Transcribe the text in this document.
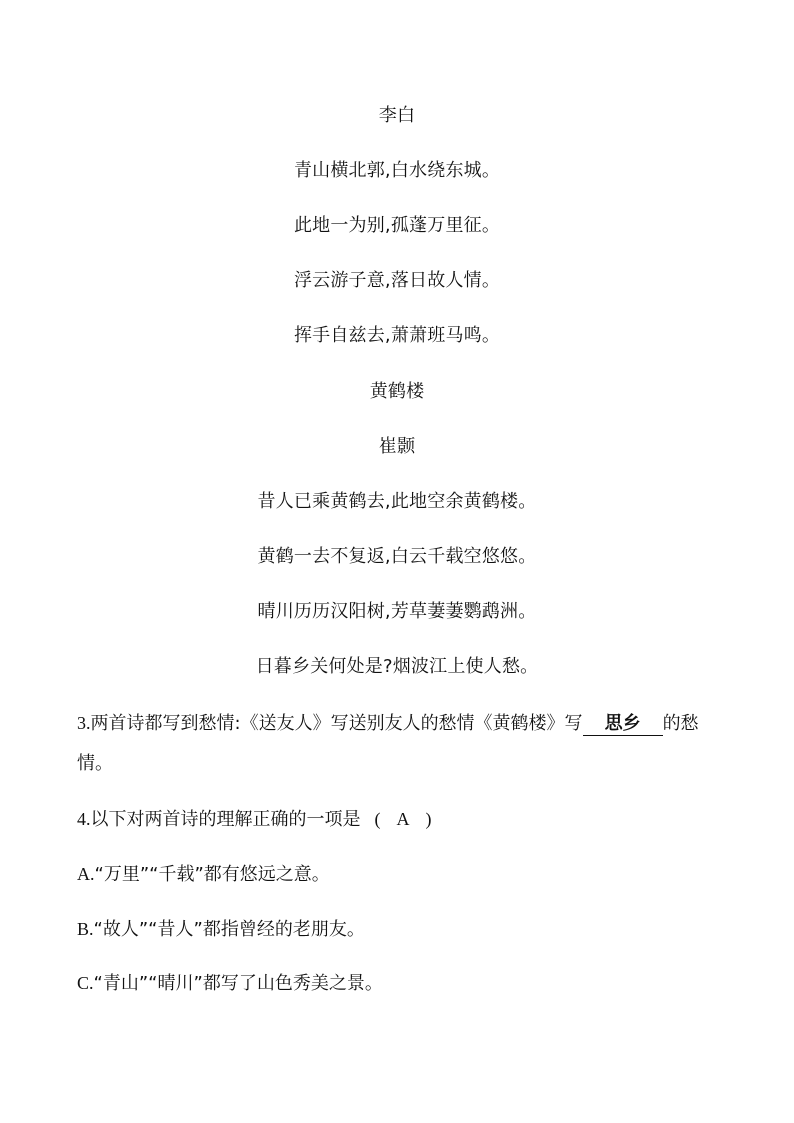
李白
青山横北郭,白水绕东城。
此地一为别,孤蓬万里征。
浮云游子意,落日故人情。
挥手自兹去,萧萧班马鸣。
黄鹤楼
崔颢
昔人已乘黄鹤去,此地空余黄鹤楼。
黄鹤一去不复返,白云千载空悠悠。
晴川历历汉阳树,芳草萋萋鹦鹉洲。
日暮乡关何处是?烟波江上使人愁。
3.两首诗都写到愁情:《送友人》写送别友人的愁情《黄鹤楼》写 思乡 的愁
情。
4.以下对两首诗的理解正确的一项是 ( A )
A.“万里”“千载”都有悠远之意。
B.“故人”“昔人”都指曾经的老朋友。
C.“青山”“晴川”都写了山色秀美之景。
